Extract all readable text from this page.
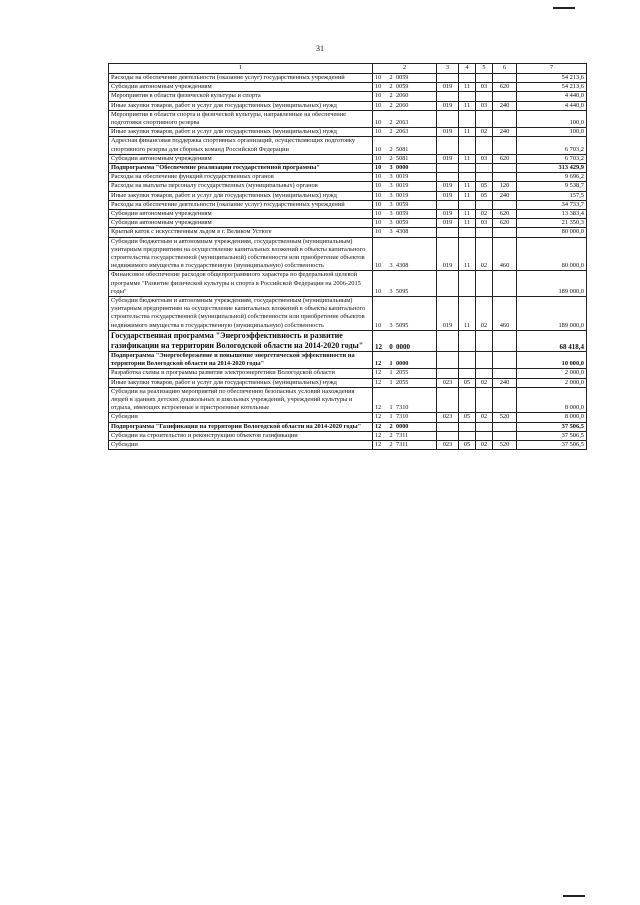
31
1	2	3	4	5	6	7
Расходы на обеспечение деятельности (оказание услуг) государственных учреждений	10 2 0059					54 213,6
Субсидии автономным учреждениям	10 2 0059	019	11	03	620	54 213,6
Мероприятия в области физической культуры и спорта	10 2 2060					4 440,0
Иные закупки товаров, работ и услуг для государственных (муниципальных) нужд	10 2 2060	019	11	03	240	4 440,0
Мероприятия в области спорта и физической культуры, направленные на обеспечение подготовки спортивного резерва	10 2 2063					100,0
Иные закупки товаров, работ и услуг для государственных (муниципальных) нужд	10 2 2063	019	11	02	240	100,0
Адресная финансовая поддержка спортивных организаций, осуществляющих подготовку спортивного резерва для сборных команд Российской Федерации	10 2 5081					6 703,2
Субсидии автономным учреждениям	10 2 5081	019	11	03	620	6 703,2
Подпрограмма "Обеспечение реализации государственной программы"	10 3 0000					313 429,9
Расходы на обеспечение функций государственных органов	10 3 0019					9 696,2
Расходы на выплаты персоналу государственных (муниципальных) органов	10 3 0019	019	11	05	120	9 538,7
Иные закупки товаров, работ и услуг для государственных (муниципальных) нужд	10 3 0019	019	11	05	240	157,5
Расходы на обеспечение деятельности (оказание услуг) государственных учреждений	10 3 0059					34 733,7
Субсидии автономным учреждениям	10 3 0059	019	11	02	620	13 383,4
Субсидии автономным учреждениям	10 3 0059	019	11	03	620	21 350,3
Крытый каток с искусственным льдом в г. Великом Устюге	10 3 4308					80 000,0
Субсидии бюджетным и автономным учреждениям, государственным (муниципальным) унитарным предприятиям на осуществление капитальных вложений в объекты капитального строительства государственной (муниципальной) собственности или приобретение объектов недвижимого имущества в государственную (муниципальную) собственность	10 3 4308	019	11	02	460	80 000,0
Финансовое обеспечение расходов общепрограммного характера по федеральной целевой программе "Развитие физической культуры и спорта в Российской Федерации на 2006-2015 годы"	10 3 5095					189 000,0
Субсидии бюджетным и автономным учреждениям, государственным (муниципальным) унитарным предприятиям на осуществление капитальных вложений в объекты капитального строительства государственной (муниципальной) собственности или приобретение объектов недвижимого имущества в государственную (муниципальную) собственность	10 3 5095	019	11	02	460	189 000,0
Государственная программа "Энергоэффективность и развитие газификации на территории Вологодской области на 2014-2020 годы"	12 0 0000					68 418,4
Подпрограмма "Энергосбережение и повышение энергетической эффективности на территории Вологодской области на 2014-2020 годы"	12 1 0000					10 000,0
Разработка схемы и программы развития электроэнергетики Вологодской области	12 1 2055					2 000,0
Иные закупки товаров, работ и услуг для государственных (муниципальных) нужд	12 1 2055	023	05	02	240	2 000,0
Субсидии на реализацию мероприятий по обеспечению безопасных условий нахождения людей в зданиях детских дошкольных и школьных учреждений, учреждений культуры и отдыха, имеющих встроенные и пристроенные котельные	12 1 7310					8 000,0
Субсидии	12 1 7310	023	05	02	520	8 000,0
Подпрограмма "Газификация на территории Вологодской области на 2014-2020 годы"	12 2 0000					37 506,5
Субсидии на строительство и реконструкцию объектов газификации	12 2 7311					37 506,5
Субсидии	12 2 7311	023	05	02	520	37 506,5
